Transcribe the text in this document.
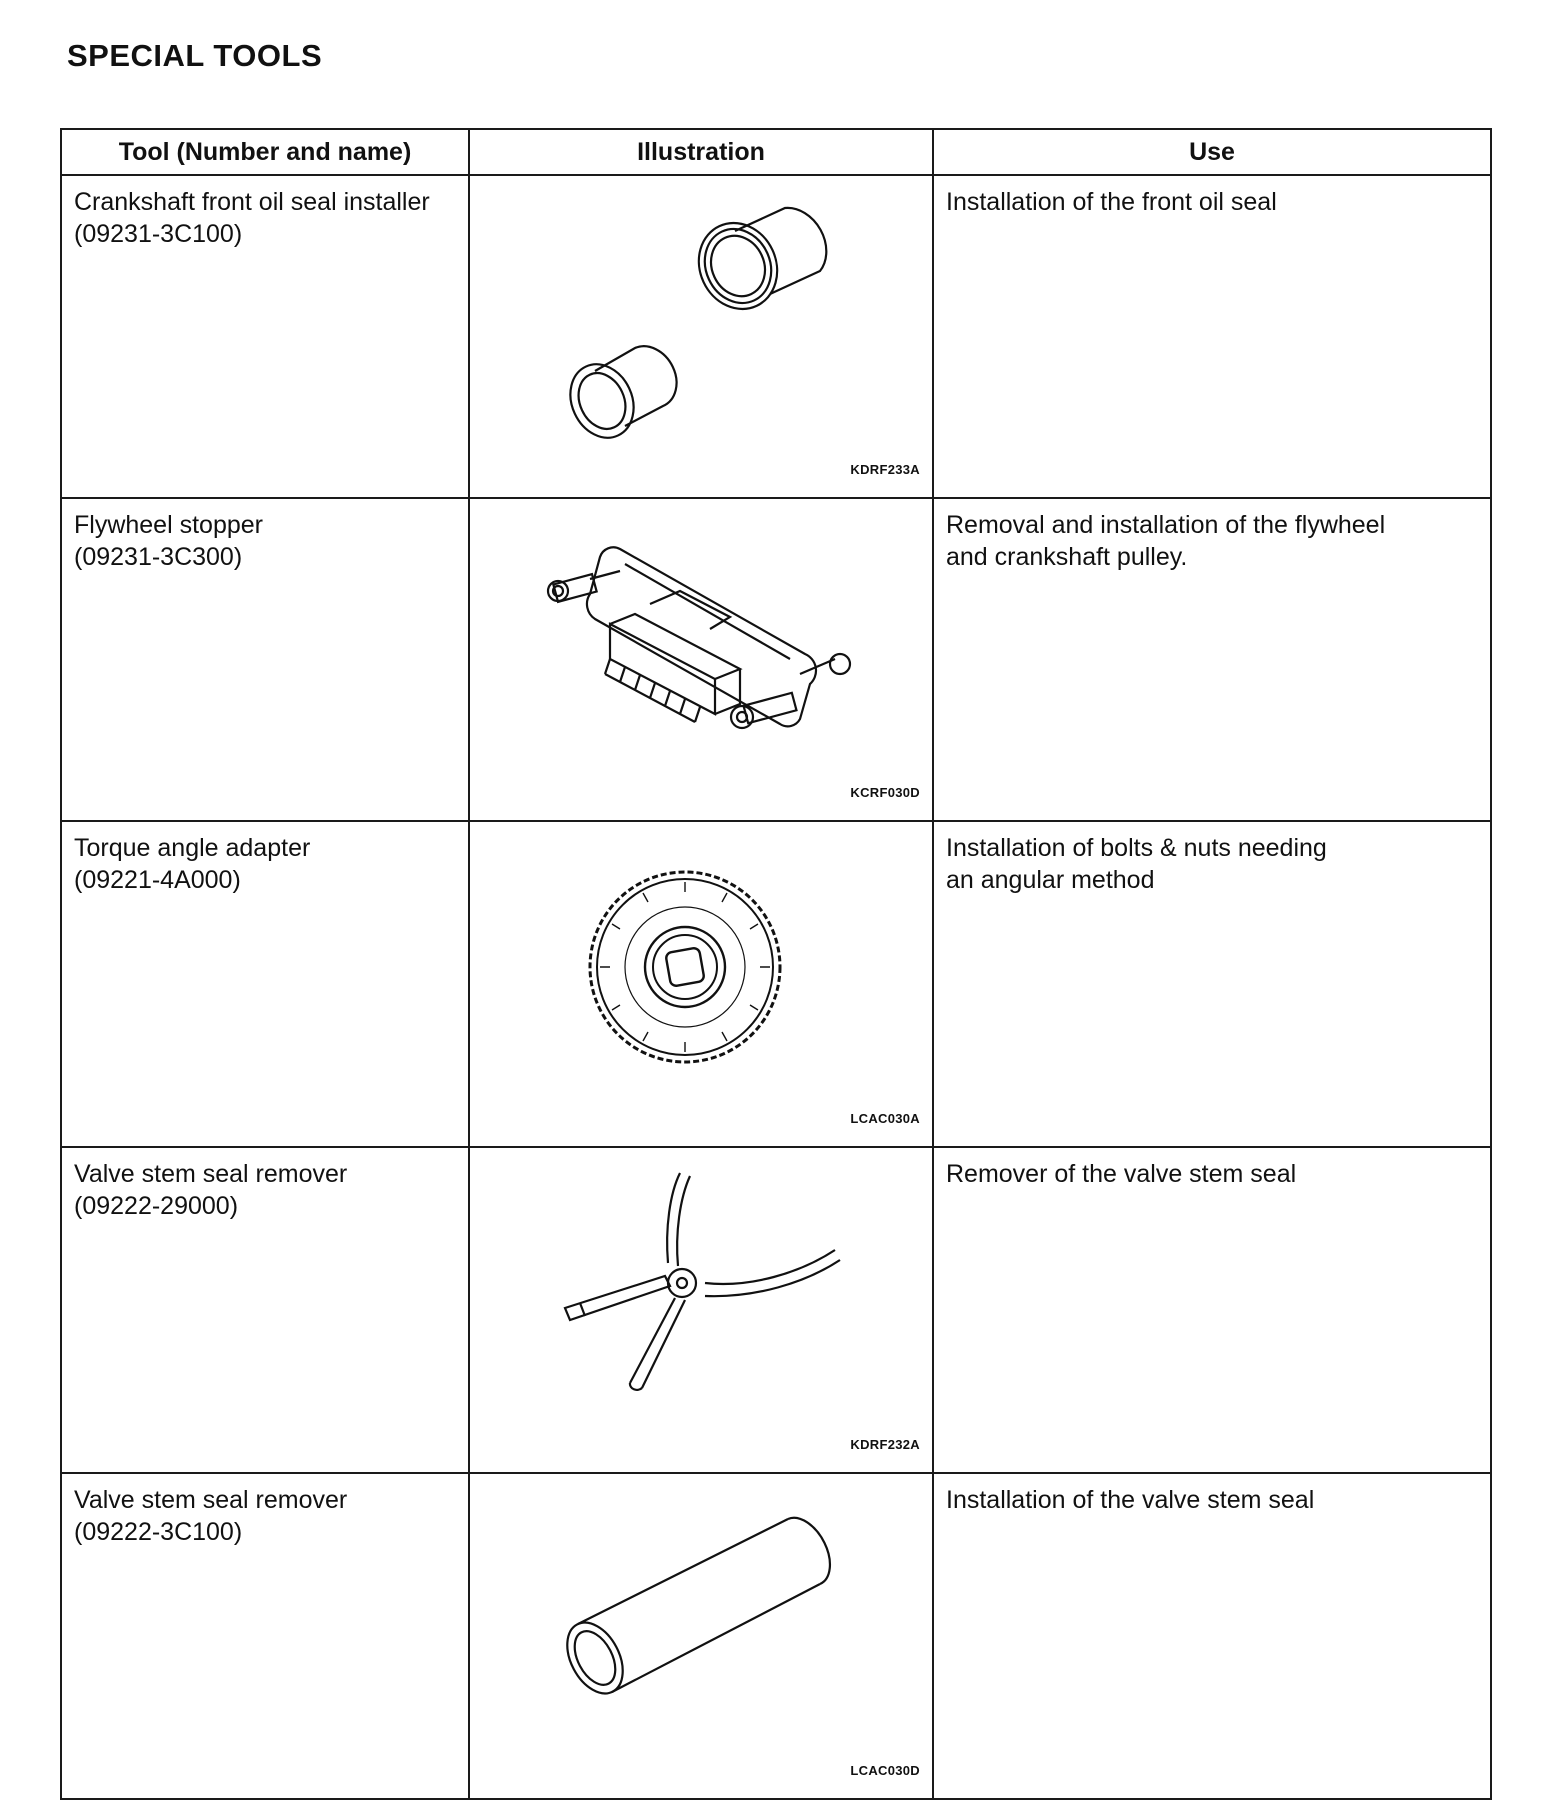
SPECIAL TOOLS
Tool (Number and name)	Illustration	Use

Crankshaft front oil seal installer
(09231-3C100)	KDRF233A	Installation of the front oil seal

Flywheel stopper
(09231-3C300)	KCRF030D	Removal and installation of the flywheel
and crankshaft pulley.

Torque angle adapter
(09221-4A000)	LCAC030A	Installation of bolts & nuts needing
an angular method

Valve stem seal remover
(09222-29000)	KDRF232A	Remover of the valve stem seal

Valve stem seal remover
(09222-3C100)	LCAC030D	Installation of the valve stem seal
